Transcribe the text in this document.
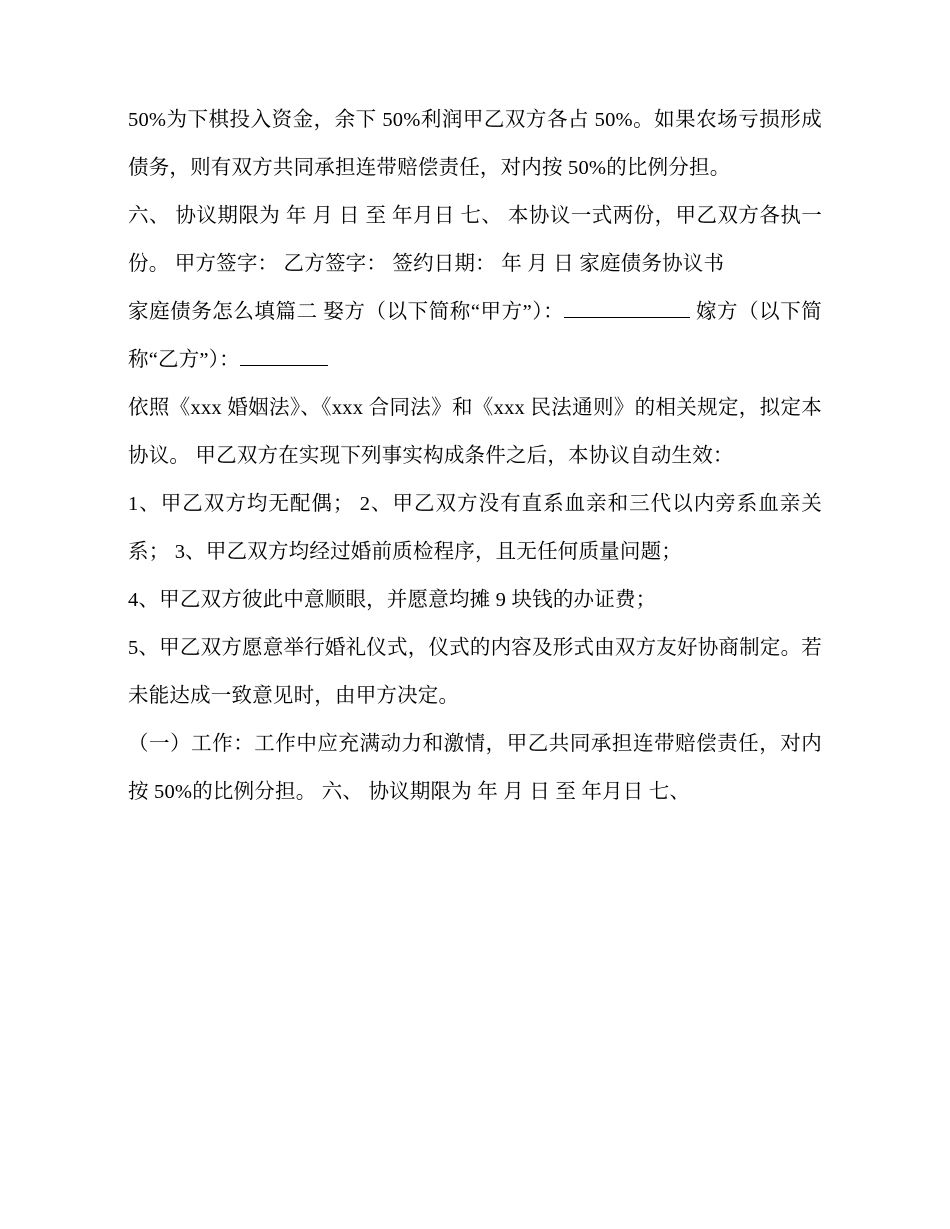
50%为下棋投入资金，余下 50%利润甲乙双方各占 50%。如果农场亏损形成债务，则有双方共同承担连带赔偿责任，对内按 50%的比例分担。

六、 协议期限为 年 月 日 至 年月日 七、 本协议一式两份，甲乙双方各执一份。 甲方签字： 乙方签字： 签约日期： 年 月 日 家庭债务协议书

家庭债务怎么填篇二 娶方（以下简称“甲方”）：	嫁方（以下简称“乙方”）：

依照《xxx 婚姻法》、《xxx 合同法》和《xxx 民法通则》的相关规定，拟定本协议。 甲乙双方在实现下列事实构成条件之后，本协议自动生效：

1、甲乙双方均无配偶； 2、甲乙双方没有直系血亲和三代以内旁系血亲关系； 3、甲乙双方均经过婚前质检程序，且无任何质量问题；

4、甲乙双方彼此中意顺眼，并愿意均摊 9 块钱的办证费；

5、甲乙双方愿意举行婚礼仪式，仪式的内容及形式由双方友好协商制定。若未能达成一致意见时，由甲方决定。

（一）工作：工作中应充满动力和激情，甲乙共同承担连带赔偿责任，对内按 50%的比例分担。 六、 协议期限为 年 月 日 至 年月日 七、
